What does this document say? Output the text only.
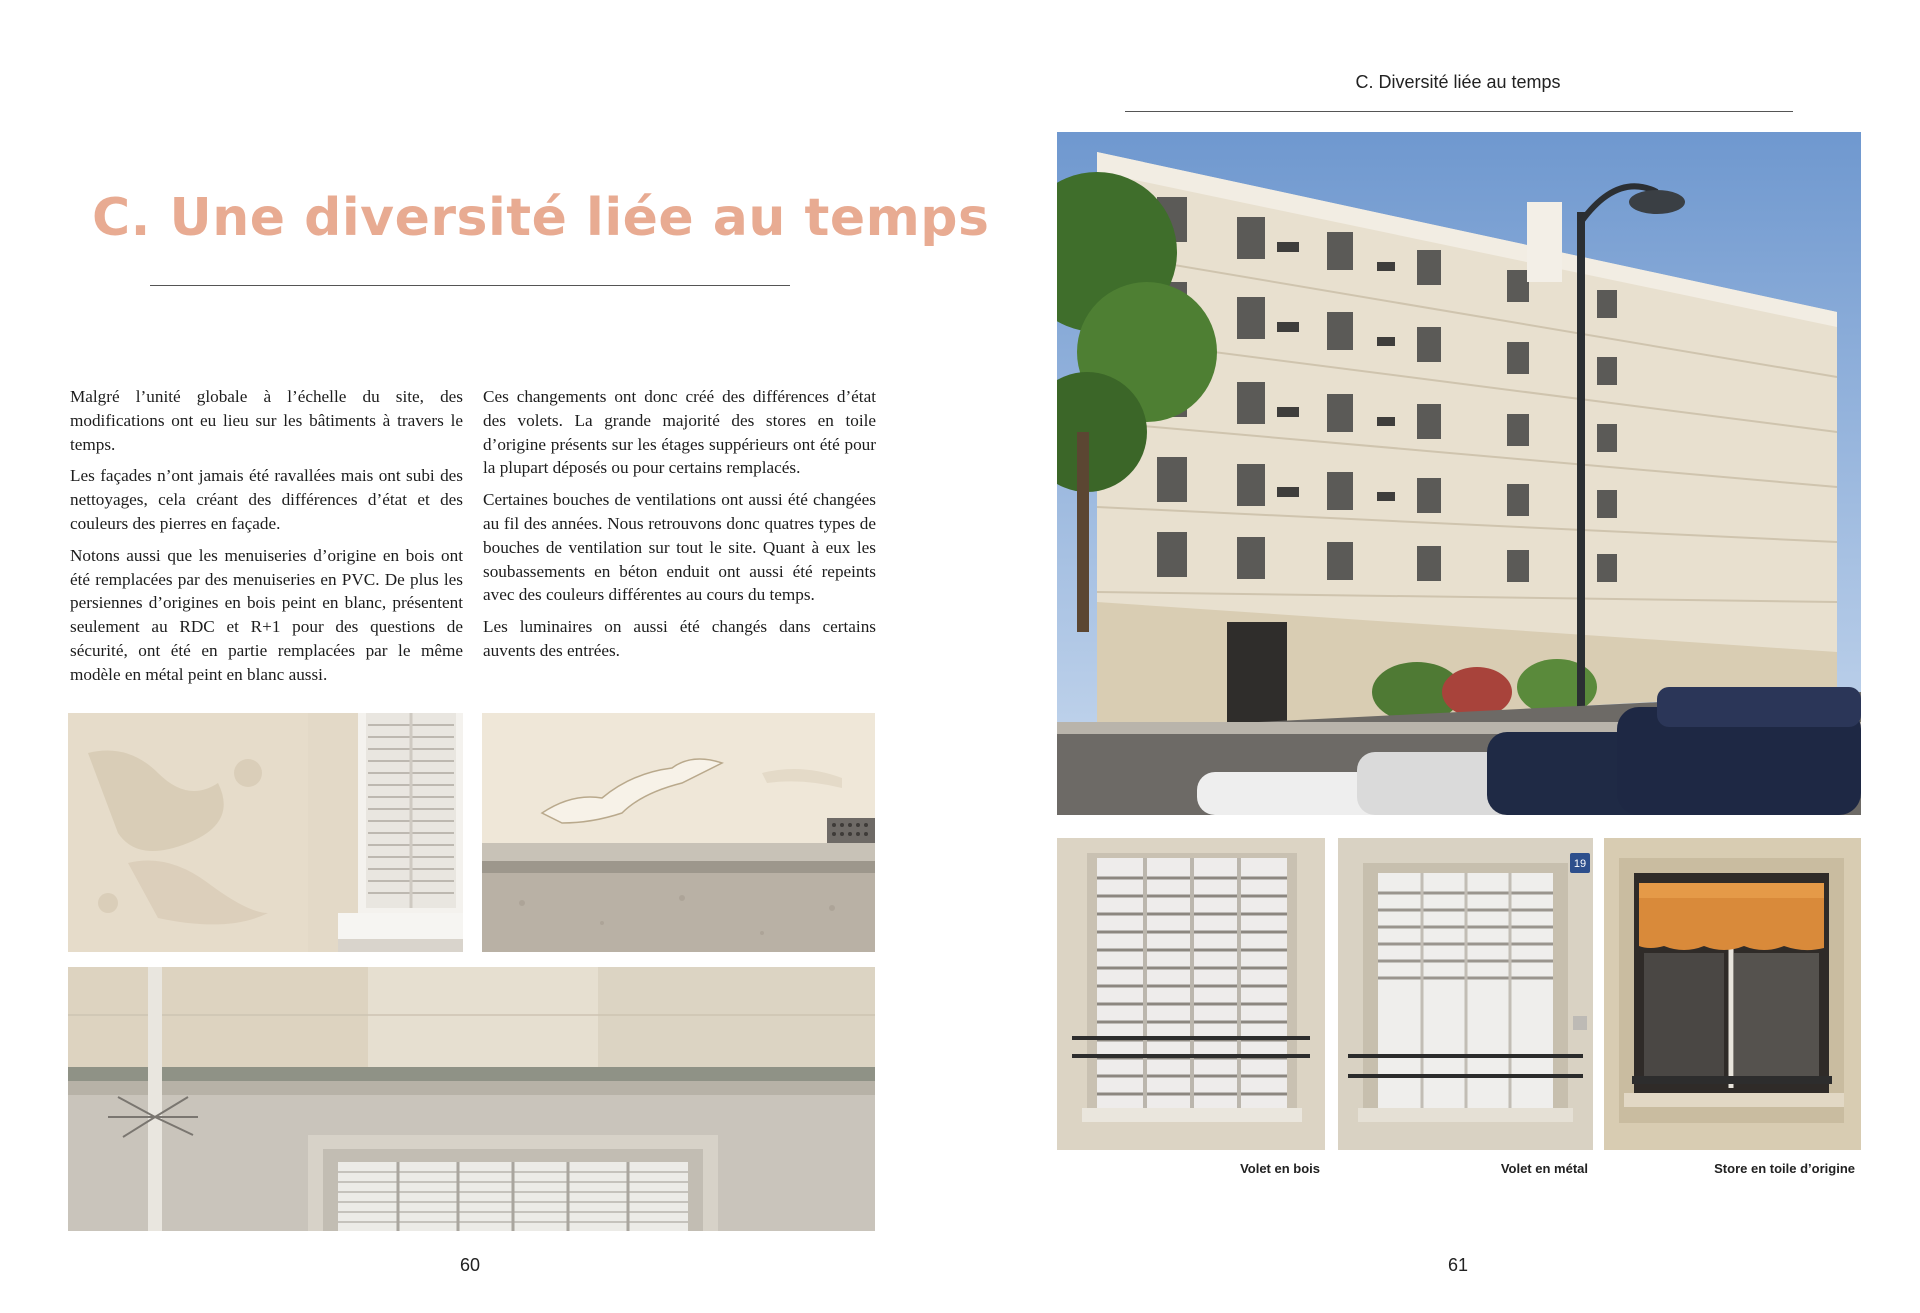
C. Une diversité liée au temps

Malgré l’unité globale à l’échelle du site, des modifications ont eu lieu sur les bâtiments à travers le temps.

Les façades n’ont jamais été ravallées mais ont subi des nettoyages, cela créant des différences d’état et des couleurs des pierres en façade.

Notons aussi que les menuiseries d’origine en bois ont été remplacées par des menuiseries en PVC. De plus les persiennes d’origines en bois peint en blanc, présentent seulement au RDC et R+1 pour des questions de sécurité, ont été en partie remplacées par le même modèle en métal peint en blanc aussi.

Ces changements ont donc créé des différences d’état des volets. La grande majorité des stores en toile d’origine présents sur les étages suppérieurs ont été pour la plupart déposés ou pour certains remplacés.

Certaines bouches de ventilations ont aussi été changées au fil des années. Nous retrouvons donc quatres types de bouches de ventilation sur tout le site. Quant à eux les soubassements en béton enduit ont aussi été repeints avec des couleurs différentes au cours du temps.

Les luminaires on aussi été changés dans certains auvents des entrées.

60
C. Diversité liée au temps
19
Volet en bois	Volet en métal	Store en toile d’origine
61
